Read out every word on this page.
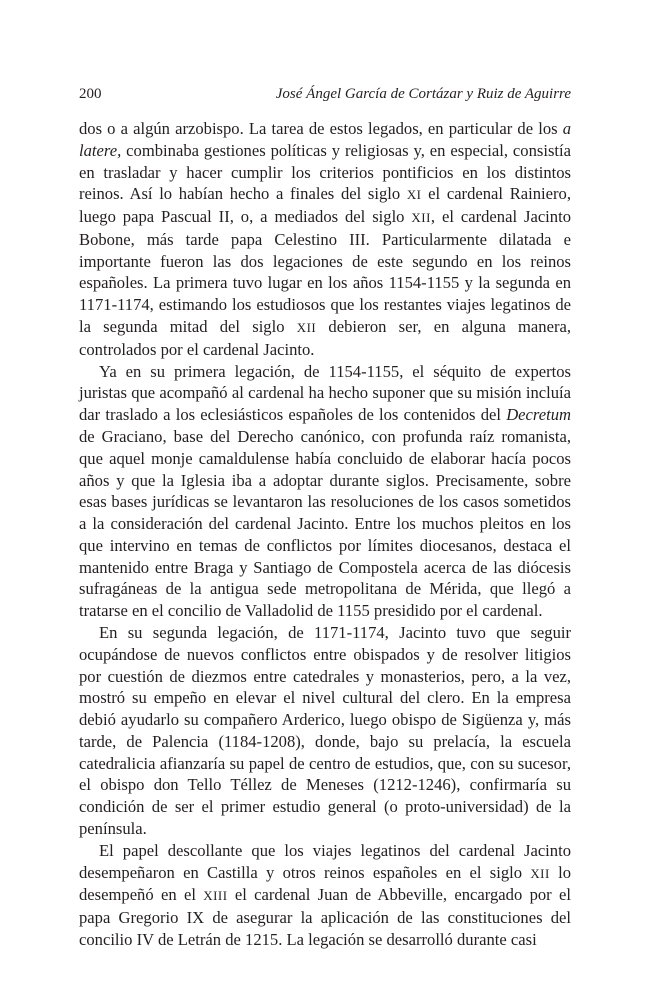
200	José Ángel García de Cortázar y Ruiz de Aguirre

dos o a algún arzobispo. La tarea de estos legados, en particular de los a latere, combinaba gestiones políticas y religiosas y, en especial, consistía en trasladar y hacer cumplir los criterios pontificios en los distintos reinos. Así lo habían hecho a finales del siglo XI el cardenal Rainiero, luego papa Pascual II, o, a mediados del siglo XII, el cardenal Jacinto Bobone, más tarde papa Celestino III. Particularmente dilatada e importante fueron las dos legaciones de este segundo en los reinos españoles. La primera tuvo lugar en los años 1154-1155 y la segunda en 1171-1174, estimando los estudiosos que los restantes viajes legatinos de la segunda mitad del siglo XII debieron ser, en alguna manera, controlados por el cardenal Jacinto.

Ya en su primera legación, de 1154-1155, el séquito de expertos juristas que acompañó al cardenal ha hecho suponer que su misión incluía dar traslado a los eclesiásticos españoles de los contenidos del Decretum de Graciano, base del Derecho canónico, con profunda raíz romanista, que aquel monje camaldulense había concluido de elaborar hacía pocos años y que la Iglesia iba a adoptar durante siglos. Precisamente, sobre esas bases jurídicas se levantaron las resoluciones de los casos sometidos a la consideración del cardenal Jacinto. Entre los muchos pleitos en los que intervino en temas de conflictos por límites diocesanos, destaca el mantenido entre Braga y Santiago de Compostela acerca de las diócesis sufragáneas de la antigua sede metropolitana de Mérida, que llegó a tratarse en el concilio de Valladolid de 1155 presidido por el cardenal.

En su segunda legación, de 1171-1174, Jacinto tuvo que seguir ocupándose de nuevos conflictos entre obispados y de resolver litigios por cuestión de diezmos entre catedrales y monasterios, pero, a la vez, mostró su empeño en elevar el nivel cultural del clero. En la empresa debió ayudarlo su compañero Arderico, luego obispo de Sigüenza y, más tarde, de Palencia (1184-1208), donde, bajo su prelacía, la escuela catedralicia afianzaría su papel de centro de estudios, que, con su sucesor, el obispo don Tello Téllez de Meneses (1212-1246), confirmaría su condición de ser el primer estudio general (o proto-universidad) de la península.

El papel descollante que los viajes legatinos del cardenal Jacinto desempeñaron en Castilla y otros reinos españoles en el siglo XII lo desempeñó en el XIII el cardenal Juan de Abbeville, encargado por el papa Gregorio IX de asegurar la aplicación de las constituciones del concilio IV de Letrán de 1215. La legación se desarrolló durante casi
